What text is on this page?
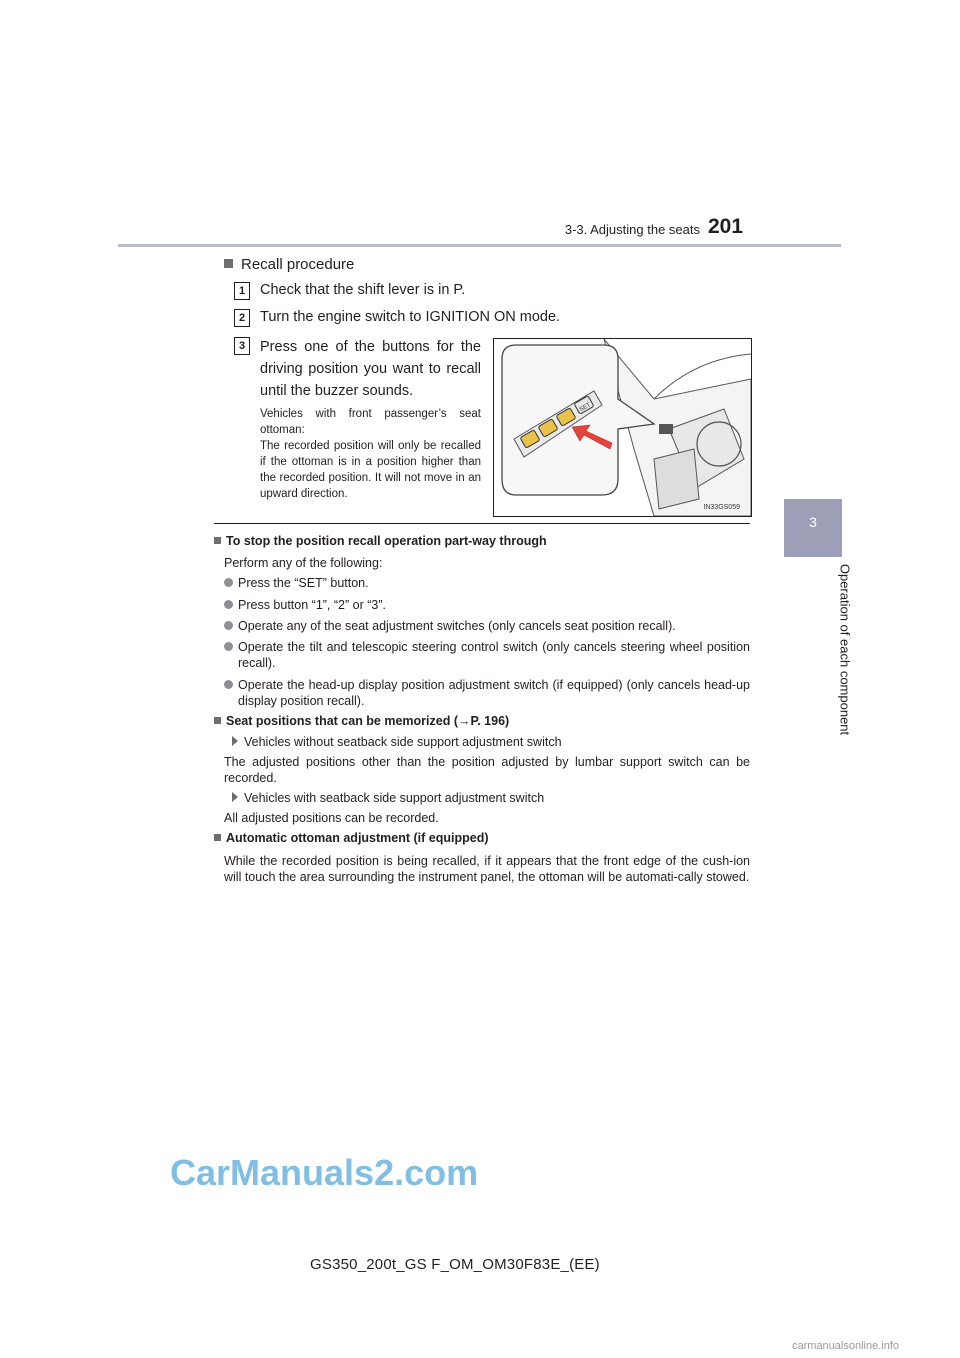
3-3. Adjusting the seats 201
3
Operation of each component
Recall procedure
1	Check that the shift lever is in P.
2	Turn the engine switch to IGNITION ON mode.
3	Press one of the buttons for the driving position you want to recall until the buzzer sounds.
Vehicles with front passenger’s seat ottoman:
The recorded position will only be recalled if the ottoman is in a position higher than the recorded position. It will not move in an upward direction.
SET
IN33GS059
To stop the position recall operation part-way through
Perform any of the following:
Press the “SET” button.
Press button “1”, “2” or “3”.
Operate any of the seat adjustment switches (only cancels seat position recall).
Operate the tilt and telescopic steering control switch (only cancels steering wheel position recall).
Operate the head-up display position adjustment switch (if equipped) (only cancels head-up display position recall).
Seat positions that can be memorized (→P. 196)
Vehicles without seatback side support adjustment switch
The adjusted positions other than the position adjusted by lumbar support switch can be recorded.
Vehicles with seatback side support adjustment switch
All adjusted positions can be recorded.
Automatic ottoman adjustment (if equipped)
While the recorded position is being recalled, if it appears that the front edge of the cush-ion will touch the area surrounding the instrument panel, the ottoman will be automati-cally stowed.
CarManuals2.com
GS350_200t_GS F_OM_OM30F83E_(EE)
carmanualsonline.info
